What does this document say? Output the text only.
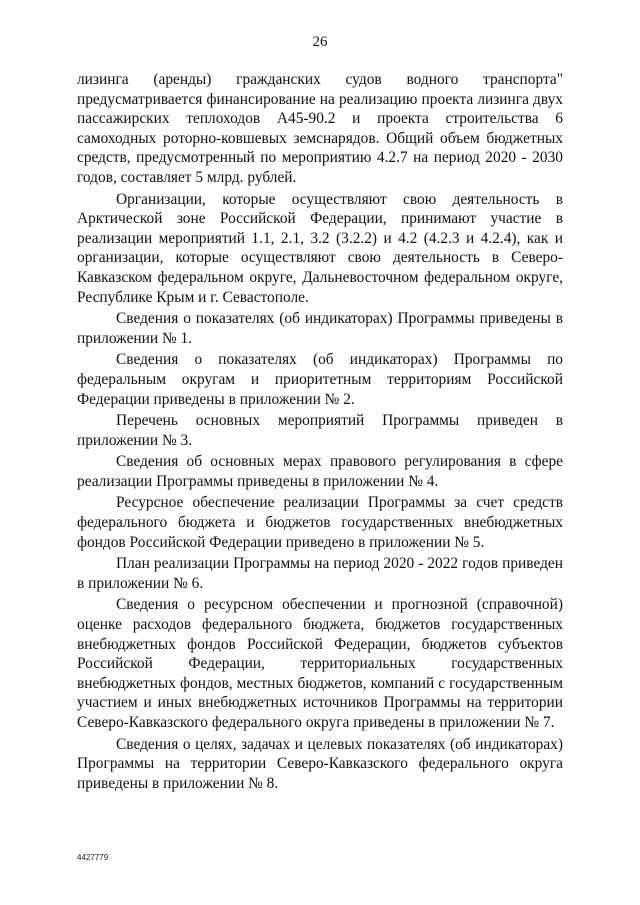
26

лизинга (аренды) гражданских судов водного транспорта" предусматривается финансирование на реализацию проекта лизинга двух пассажирских теплоходов А45-90.2 и проекта строительства 6 самоходных роторно-ковшевых земснарядов. Общий объем бюджетных средств, предусмотренный по мероприятию 4.2.7 на период 2020 - 2030 годов, составляет 5 млрд. рублей.

Организации, которые осуществляют свою деятельность в Арктической зоне Российской Федерации, принимают участие в реализации мероприятий 1.1, 2.1, 3.2 (3.2.2) и 4.2 (4.2.3 и 4.2.4), как и организации, которые осуществляют свою деятельность в Северо-Кавказском федеральном округе, Дальневосточном федеральном округе, Республике Крым и г. Севастополе.

Сведения о показателях (об индикаторах) Программы приведены в приложении № 1.

Сведения о показателях (об индикаторах) Программы по федеральным округам и приоритетным территориям Российской Федерации приведены в приложении № 2.

Перечень основных мероприятий Программы приведен в приложении № 3.

Сведения об основных мерах правового регулирования в сфере реализации Программы приведены в приложении № 4.

Ресурсное обеспечение реализации Программы за счет средств федерального бюджета и бюджетов государственных внебюджетных фондов Российской Федерации приведено в приложении № 5.

План реализации Программы на период 2020 - 2022 годов приведен в приложении № 6.

Сведения о ресурсном обеспечении и прогнозной (справочной) оценке расходов федерального бюджета, бюджетов государственных внебюджетных фондов Российской Федерации, бюджетов субъектов Российской Федерации, территориальных государственных внебюджетных фондов, местных бюджетов, компаний с государственным участием и иных внебюджетных источников Программы на территории Северо-Кавказского федерального округа приведены в приложении № 7.

Сведения о целях, задачах и целевых показателях (об индикаторах) Программы на территории Северо-Кавказского федерального округа приведены в приложении № 8.

4427779
